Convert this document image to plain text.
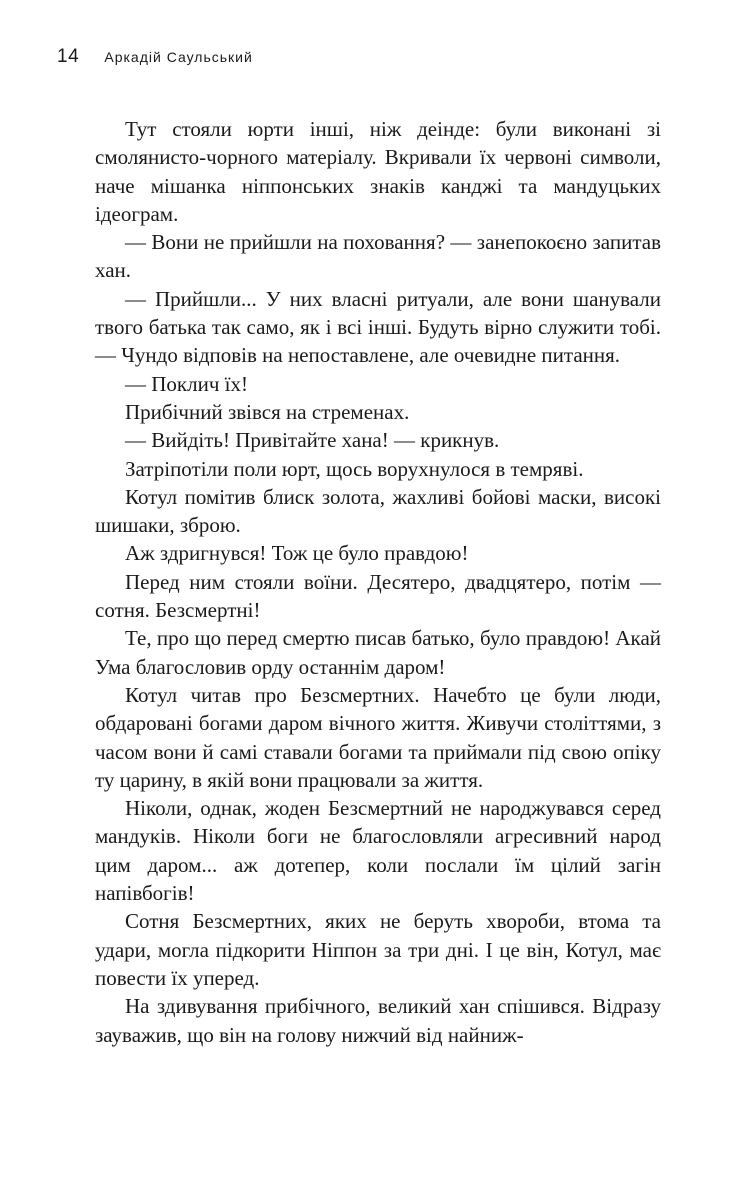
14 Аркадій Саульський

Тут стояли юрти інші, ніж деінде: були виконані зі смолянисто-чорного матеріалу. Вкривали їх червоні символи, наче мішанка ніппонських знаків канджі та мандуцьких ідеограм.

— Вони не прийшли на поховання? — занепокоєно запитав хан.

— Прийшли... У них власні ритуали, але вони шанували твого батька так само, як і всі інші. Будуть вірно служити тобі. — Чундо відповів на непоставлене, але очевидне питання.

— Поклич їх!

Прибічний звівся на стременах.

— Вийдіть! Привітайте хана! — крикнув.

Затріпотіли поли юрт, щось ворухнулося в темряві.

Котул помітив блиск золота, жахливі бойові маски, високі шишаки, зброю.

Аж здригнувся! Тож це було правдою!

Перед ним стояли воїни. Десятеро, двадцятеро, потім — сотня. Безсмертні!

Те, про що перед смертю писав батько, було правдою! Акай Ума благословив орду останнім даром!

Котул читав про Безсмертних. Начебто це були люди, обдаровані богами даром вічного життя. Живучи століттями, з часом вони й самі ставали богами та приймали під свою опіку ту царину, в якій вони працювали за життя.

Ніколи, однак, жоден Безсмертний не народжувався серед мандуків. Ніколи боги не благословляли агресивний народ цим даром... аж дотепер, коли послали їм цілий загін напівбогів!

Сотня Безсмертних, яких не беруть хвороби, втома та удари, могла підкорити Ніппон за три дні. І це він, Котул, має повести їх уперед.

На здивування прибічного, великий хан спішився. Відразу зауважив, що він на голову нижчий від найниж-
